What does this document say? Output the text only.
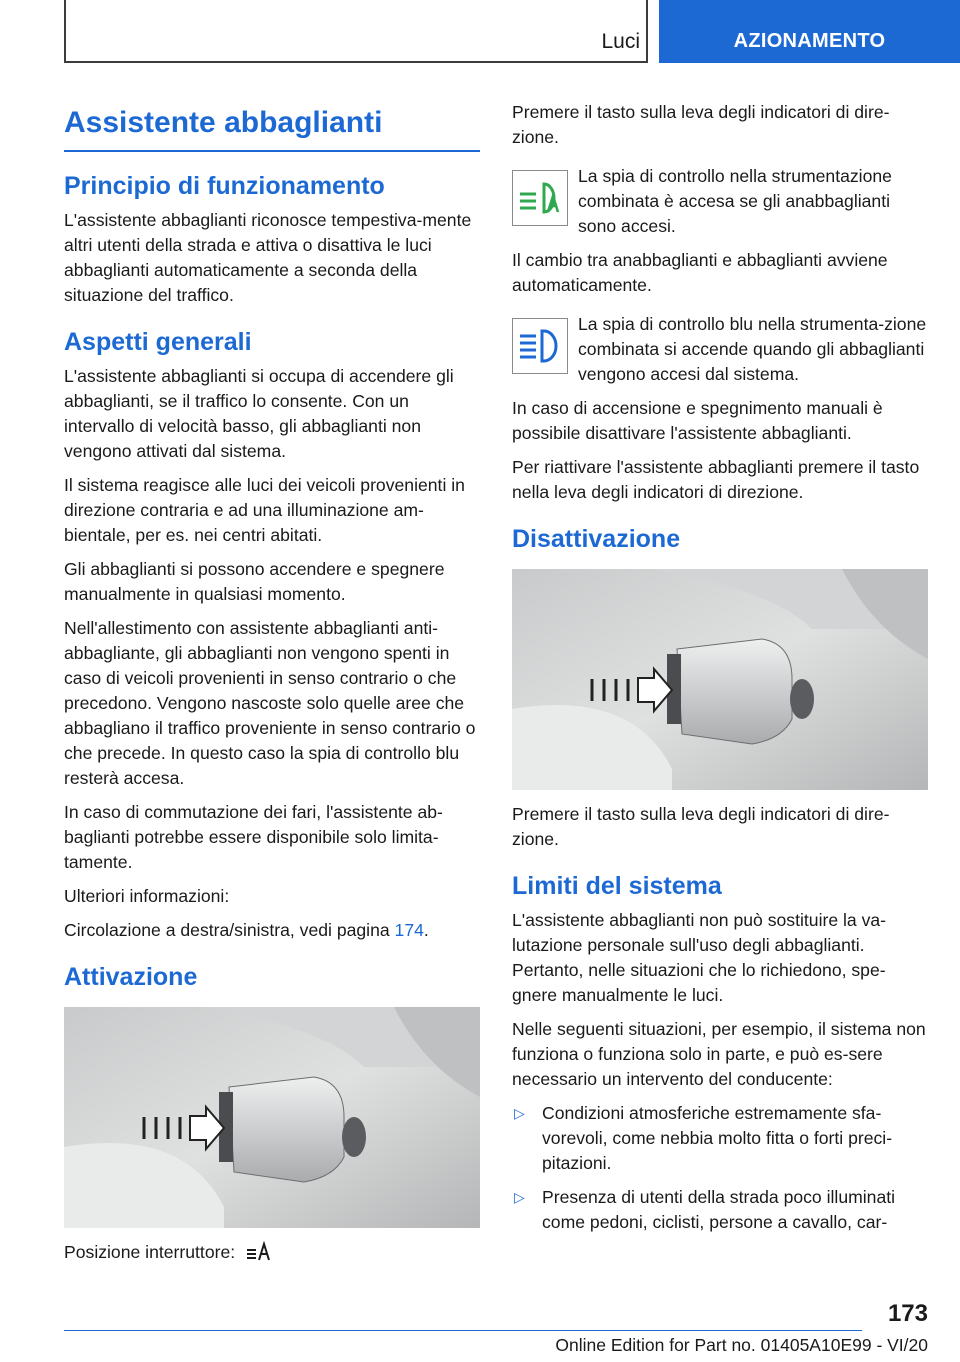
Luci	AZIONAMENTO
Assistente abbaglianti
Principio di funzionamento

L'assistente abbaglianti riconosce tempestiva-mente altri utenti della strada e attiva o disattiva le luci abbaglianti automaticamente a seconda della situazione del traffico.

Aspetti generali

L'assistente abbaglianti si occupa di accendere gli abbaglianti, se il traffico lo consente. Con un intervallo di velocità basso, gli abbaglianti non vengono attivati dal sistema.

Il sistema reagisce alle luci dei veicoli provenienti in direzione contraria e ad una illuminazione am-bientale, per es. nei centri abitati.

Gli abbaglianti si possono accendere e spegnere manualmente in qualsiasi momento.

Nell'allestimento con assistente abbaglianti anti-abbagliante, gli abbaglianti non vengono spenti in caso di veicoli provenienti in senso contrario o che precedono. Vengono nascoste solo quelle aree che abbagliano il traffico proveniente in senso contrario o che precede. In questo caso la spia di controllo blu resterà accesa.

In caso di commutazione dei fari, l'assistente ab-baglianti potrebbe essere disponibile solo limita-tamente.

Ulteriori informazioni:

Circolazione a destra/sinistra, vedi pagina 174.

Attivazione

Posizione interruttore:

Premere il tasto sulla leva degli indicatori di dire-zione.

La spia di controllo nella strumentazione combinata è accesa se gli anabbaglianti sono accesi.

Il cambio tra anabbaglianti e abbaglianti avviene automaticamente.

La spia di controllo blu nella strumenta-zione combinata si accende quando gli abbaglianti vengono accesi dal sistema.

In caso di accensione e spegnimento manuali è possibile disattivare l'assistente abbaglianti.

Per riattivare l'assistente abbaglianti premere il tasto nella leva degli indicatori di direzione.

Disattivazione

Premere il tasto sulla leva degli indicatori di dire-zione.

Limiti del sistema

L'assistente abbaglianti non può sostituire la va-lutazione personale sull'uso degli abbaglianti. Pertanto, nelle situazioni che lo richiedono, spe-gnere manualmente le luci.

Nelle seguenti situazioni, per esempio, il sistema non funziona o funziona solo in parte, e può es-sere necessario un intervento del conducente:

▷ Condizioni atmosferiche estremamente sfa-vorevoli, come nebbia molto fitta o forti preci-pitazioni.
▷ Presenza di utenti della strada poco illuminati come pedoni, ciclisti, persone a cavallo, car-
173
Online Edition for Part no. 01405A10E99 - VI/20
